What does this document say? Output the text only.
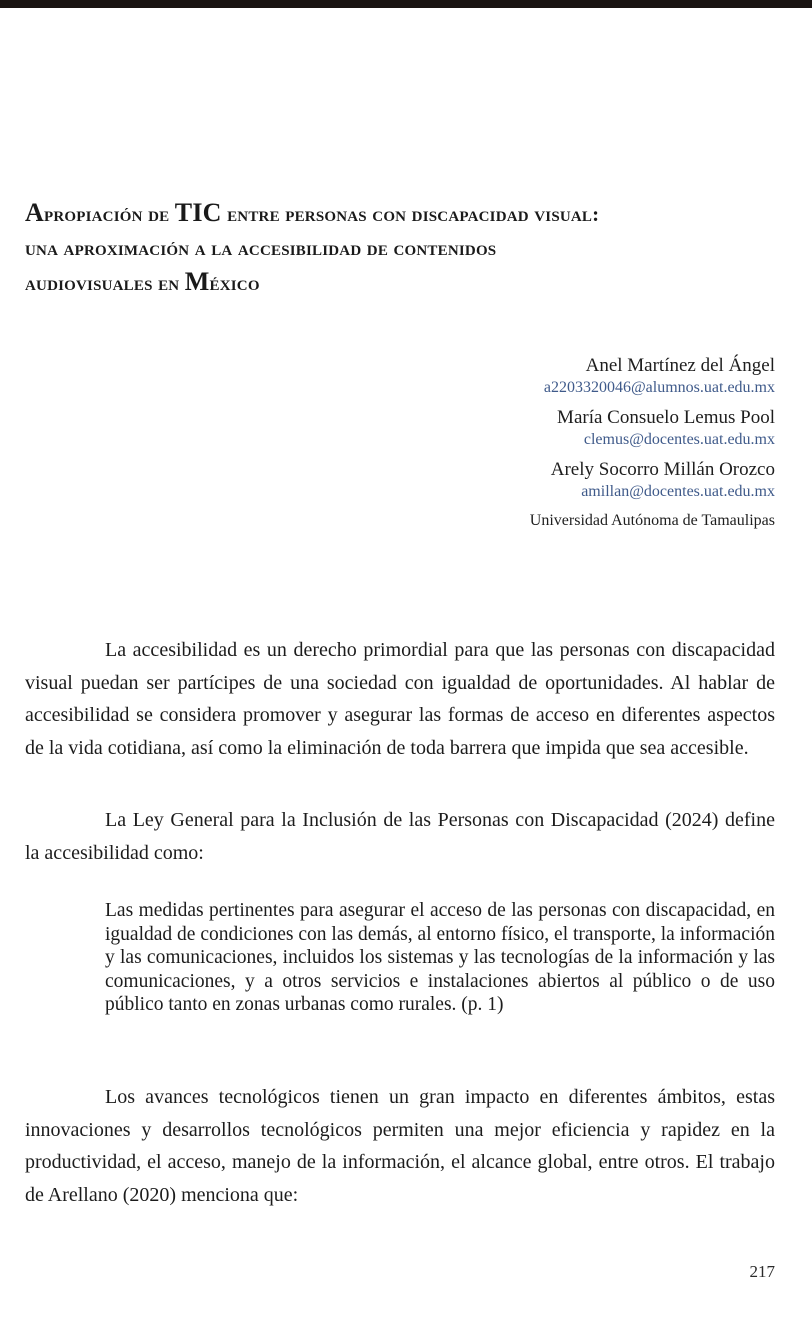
Apropiación de TIC entre personas con discapacidad visual:
una aproximación a la accesibilidad de contenidos
audiovisuales en México
Anel Martínez del Ángel
a2203320046@alumnos.uat.edu.mx
María Consuelo Lemus Pool
clemus@docentes.uat.edu.mx
Arely Socorro Millán Orozco
amillan@docentes.uat.edu.mx
Universidad Autónoma de Tamaulipas

La accesibilidad es un derecho primordial para que las personas con discapacidad visual puedan ser partícipes de una sociedad con igualdad de oportunidades. Al hablar de accesibilidad se considera promover y asegurar las formas de acceso en diferentes aspectos de la vida cotidiana, así como la eliminación de toda barrera que impida que sea accesible.

La Ley General para la Inclusión de las Personas con Discapacidad (2024) define la accesibilidad como:

Las medidas pertinentes para asegurar el acceso de las personas con discapacidad, en igualdad de condiciones con las demás, al entorno físico, el transporte, la información y las comunicaciones, incluidos los sistemas y las tecnologías de la información y las comunicaciones, y a otros servicios e instalaciones abiertos al público o de uso público tanto en zonas urbanas como rurales. (p. 1)

Los avances tecnológicos tienen un gran impacto en diferentes ámbitos, estas innovaciones y desarrollos tecnológicos permiten una mejor eficiencia y rapidez en la productividad, el acceso, manejo de la información, el alcance global, entre otros. El trabajo de Arellano (2020) menciona que:

217
